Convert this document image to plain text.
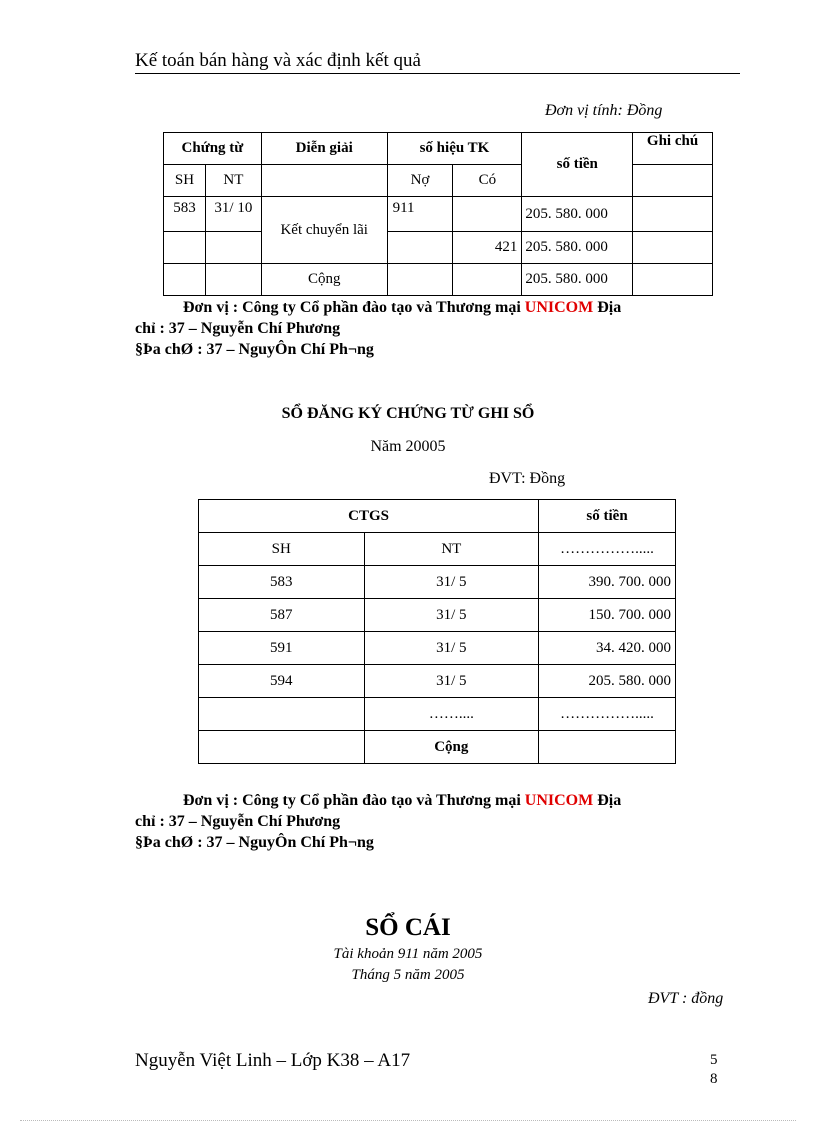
Kế toán bán hàng và xác định kết quả
Đơn vị tính: Đồng
Chứng từ		Diễn giải	số hiệu TK		số tiền	Ghi chú
SH	NT		Nợ	Có		
583	31/ 10	Kết chuyển lãi	911		205. 580. 000	
				421	205. 580. 000	
		Cộng			205. 580. 000	
Đơn vị : Công ty Cổ phần đào tạo và Thương mại UNICOM Địa
chỉ : 37 – Nguyễn Chí Phương
§Þa chØ : 37 – NguyÔn Chí Ph¬ng
SỔ ĐĂNG KÝ CHỨNG TỪ GHI SỔ
Năm 20005
ĐVT: Đồng
CTGS		số tiền
SH	NT	…………….....
583	31/ 5	390. 700. 000
587	31/ 5	150. 700. 000
591	31/ 5	34. 420. 000
594	31/ 5	205. 580. 000
	……....	…………….....
	Cộng	
Đơn vị : Công ty Cổ phần đào tạo và Thương mại UNICOM Địa
chỉ : 37 – Nguyễn Chí Phương
§Þa chØ : 37 – NguyÔn Chí Ph¬ng
SỔ CÁI
Tài khoản 911 năm 2005
Tháng 5 năm 2005
ĐVT : đồng
Nguyễn Việt Linh – Lớp K38 – A17	5
8
